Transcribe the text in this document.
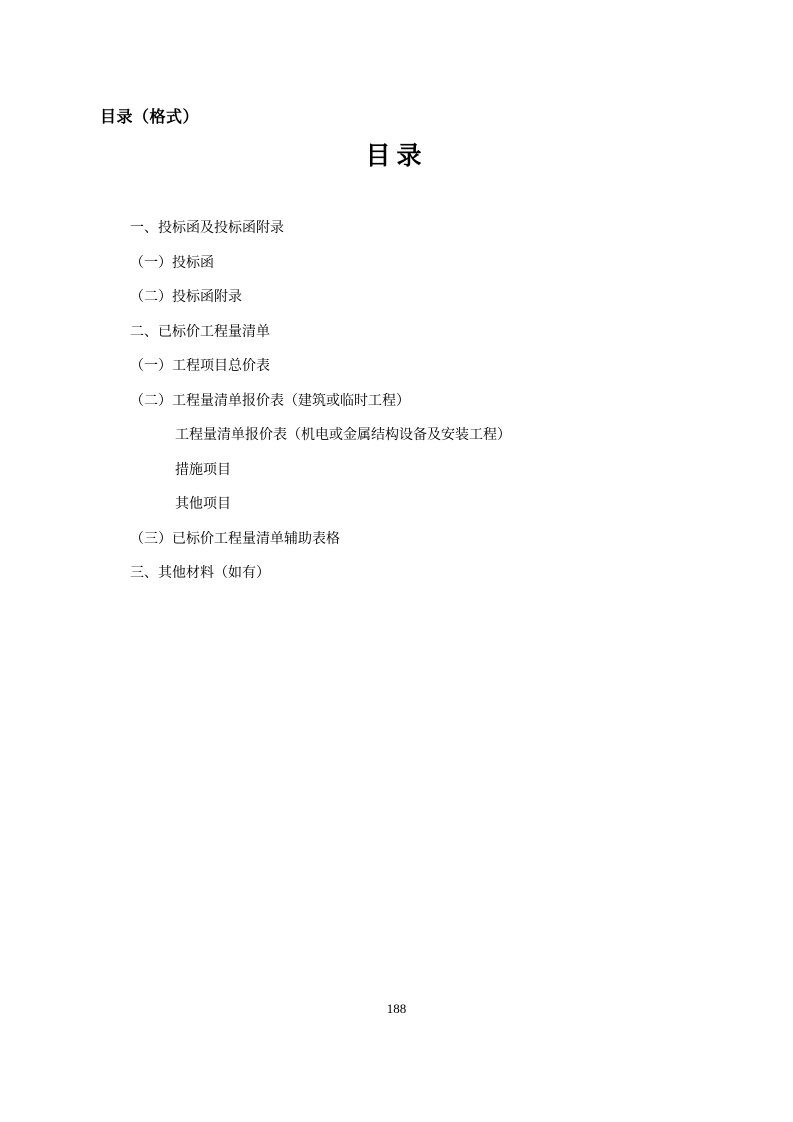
目录（格式）
目录
一、投标函及投标函附录
（一）投标函
（二）投标函附录
二、已标价工程量清单
（一）工程项目总价表
（二）工程量清单报价表（建筑或临时工程）
工程量清单报价表（机电或金属结构设备及安装工程）
措施项目
其他项目
（三）已标价工程量清单辅助表格
三、其他材料（如有）
188
